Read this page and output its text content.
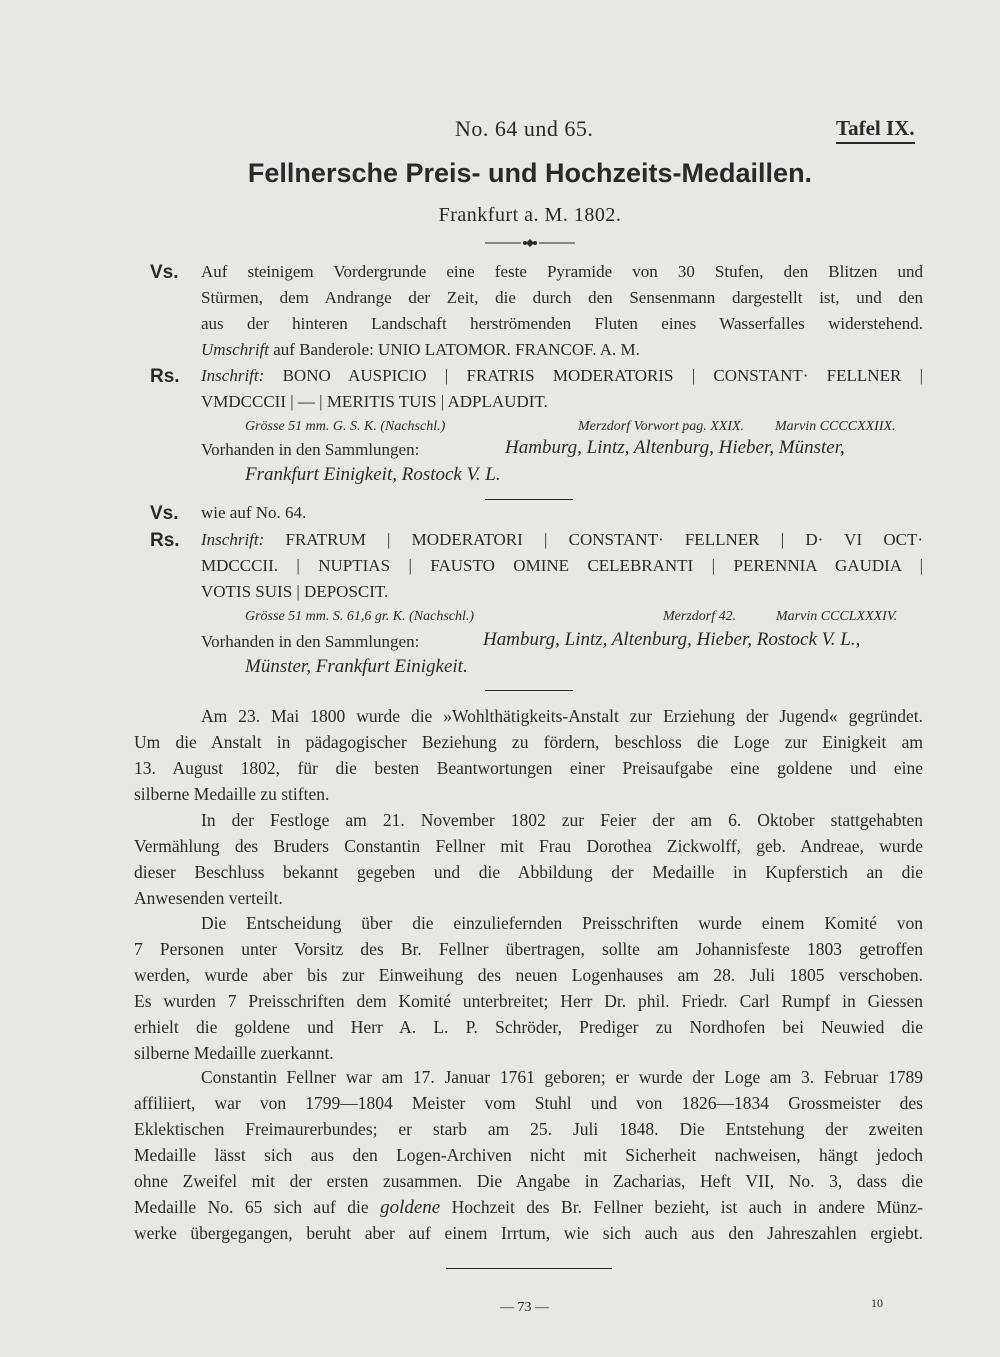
No. 64 und 65.	Tafel IX.
Fellnersche Preis- und Hochzeits-Medaillen.
Frankfurt a. M. 1802.
Vs. Auf steinigem Vordergrunde eine feste Pyramide von 30 Stufen, den Blitzen und
Stürmen, dem Andrange der Zeit, die durch den Sensenmann dargestellt ist, und den
aus der hinteren Landschaft herströmenden Fluten eines Wasserfalles widerstehend.
Umschrift auf Banderole: UNIO LATOMOR. FRANCOF. A. M.
Rs. Inschrift: BONO AUSPICIO | FRATRIS MODERATORIS | CONSTANT· FELLNER |
VMDCCCII | — | MERITIS TUIS | ADPLAUDIT.
Grösse 51 mm. G. S. K. (Nachschl.)	Merzdorf Vorwort pag. XXIX. Marvin CCCCXXIIX.
Vorhanden in den Sammlungen:	Hamburg, Lintz, Altenburg, Hieber, Münster,
Frankfurt Einigkeit, Rostock V. L.
Vs. wie auf No. 64.
Rs. Inschrift: FRATRUM | MODERATORI | CONSTANT· FELLNER | D· VI OCT·
MDCCCII. | NUPTIAS | FAUSTO OMINE CELEBRANTI | PERENNIA GAUDIA |
VOTIS SUIS | DEPOSCIT.
Grösse 51 mm. S. 61,6 gr. K. (Nachschl.)	Merzdorf 42.	Marvin CCCLXXXIV.
Vorhanden in den Sammlungen:	Hamburg, Lintz, Altenburg, Hieber, Rostock V. L.,
Münster, Frankfurt Einigkeit.
Am 23. Mai 1800 wurde die »Wohlthätigkeits-Anstalt zur Erziehung der Jugend« gegründet.
Um die Anstalt in pädagogischer Beziehung zu fördern, beschloss die Loge zur Einigkeit am
13. August 1802, für die besten Beantwortungen einer Preisaufgabe eine goldene und eine
silberne Medaille zu stiften.
In der Festloge am 21. November 1802 zur Feier der am 6. Oktober stattgehabten
Vermählung des Bruders Constantin Fellner mit Frau Dorothea Zickwolff, geb. Andreae, wurde
dieser Beschluss bekannt gegeben und die Abbildung der Medaille in Kupferstich an die
Anwesenden verteilt.
Die Entscheidung über die einzuliefernden Preisschriften wurde einem Komité von
7 Personen unter Vorsitz des Br. Fellner übertragen, sollte am Johannisfeste 1803 getroffen
werden, wurde aber bis zur Einweihung des neuen Logenhauses am 28. Juli 1805 verschoben.
Es wurden 7 Preisschriften dem Komité unterbreitet; Herr Dr. phil. Friedr. Carl Rumpf in Giessen
erhielt die goldene und Herr A. L. P. Schröder, Prediger zu Nordhofen bei Neuwied die
silberne Medaille zuerkannt.
Constantin Fellner war am 17. Januar 1761 geboren; er wurde der Loge am 3. Februar 1789
affiliiert, war von 1799—1804 Meister vom Stuhl und von 1826—1834 Grossmeister des
Eklektischen Freimaurerbundes; er starb am 25. Juli 1848. Die Entstehung der zweiten
Medaille lässt sich aus den Logen-Archiven nicht mit Sicherheit nachweisen, hängt jedoch
ohne Zweifel mit der ersten zusammen. Die Angabe in Zacharias, Heft VII, No. 3, dass die
Medaille No. 65 sich auf die goldene Hochzeit des Br. Fellner bezieht, ist auch in andere Münz-
werke übergegangen, beruht aber auf einem Irrtum, wie sich auch aus den Jahreszahlen ergiebt.
— 73 —	10
